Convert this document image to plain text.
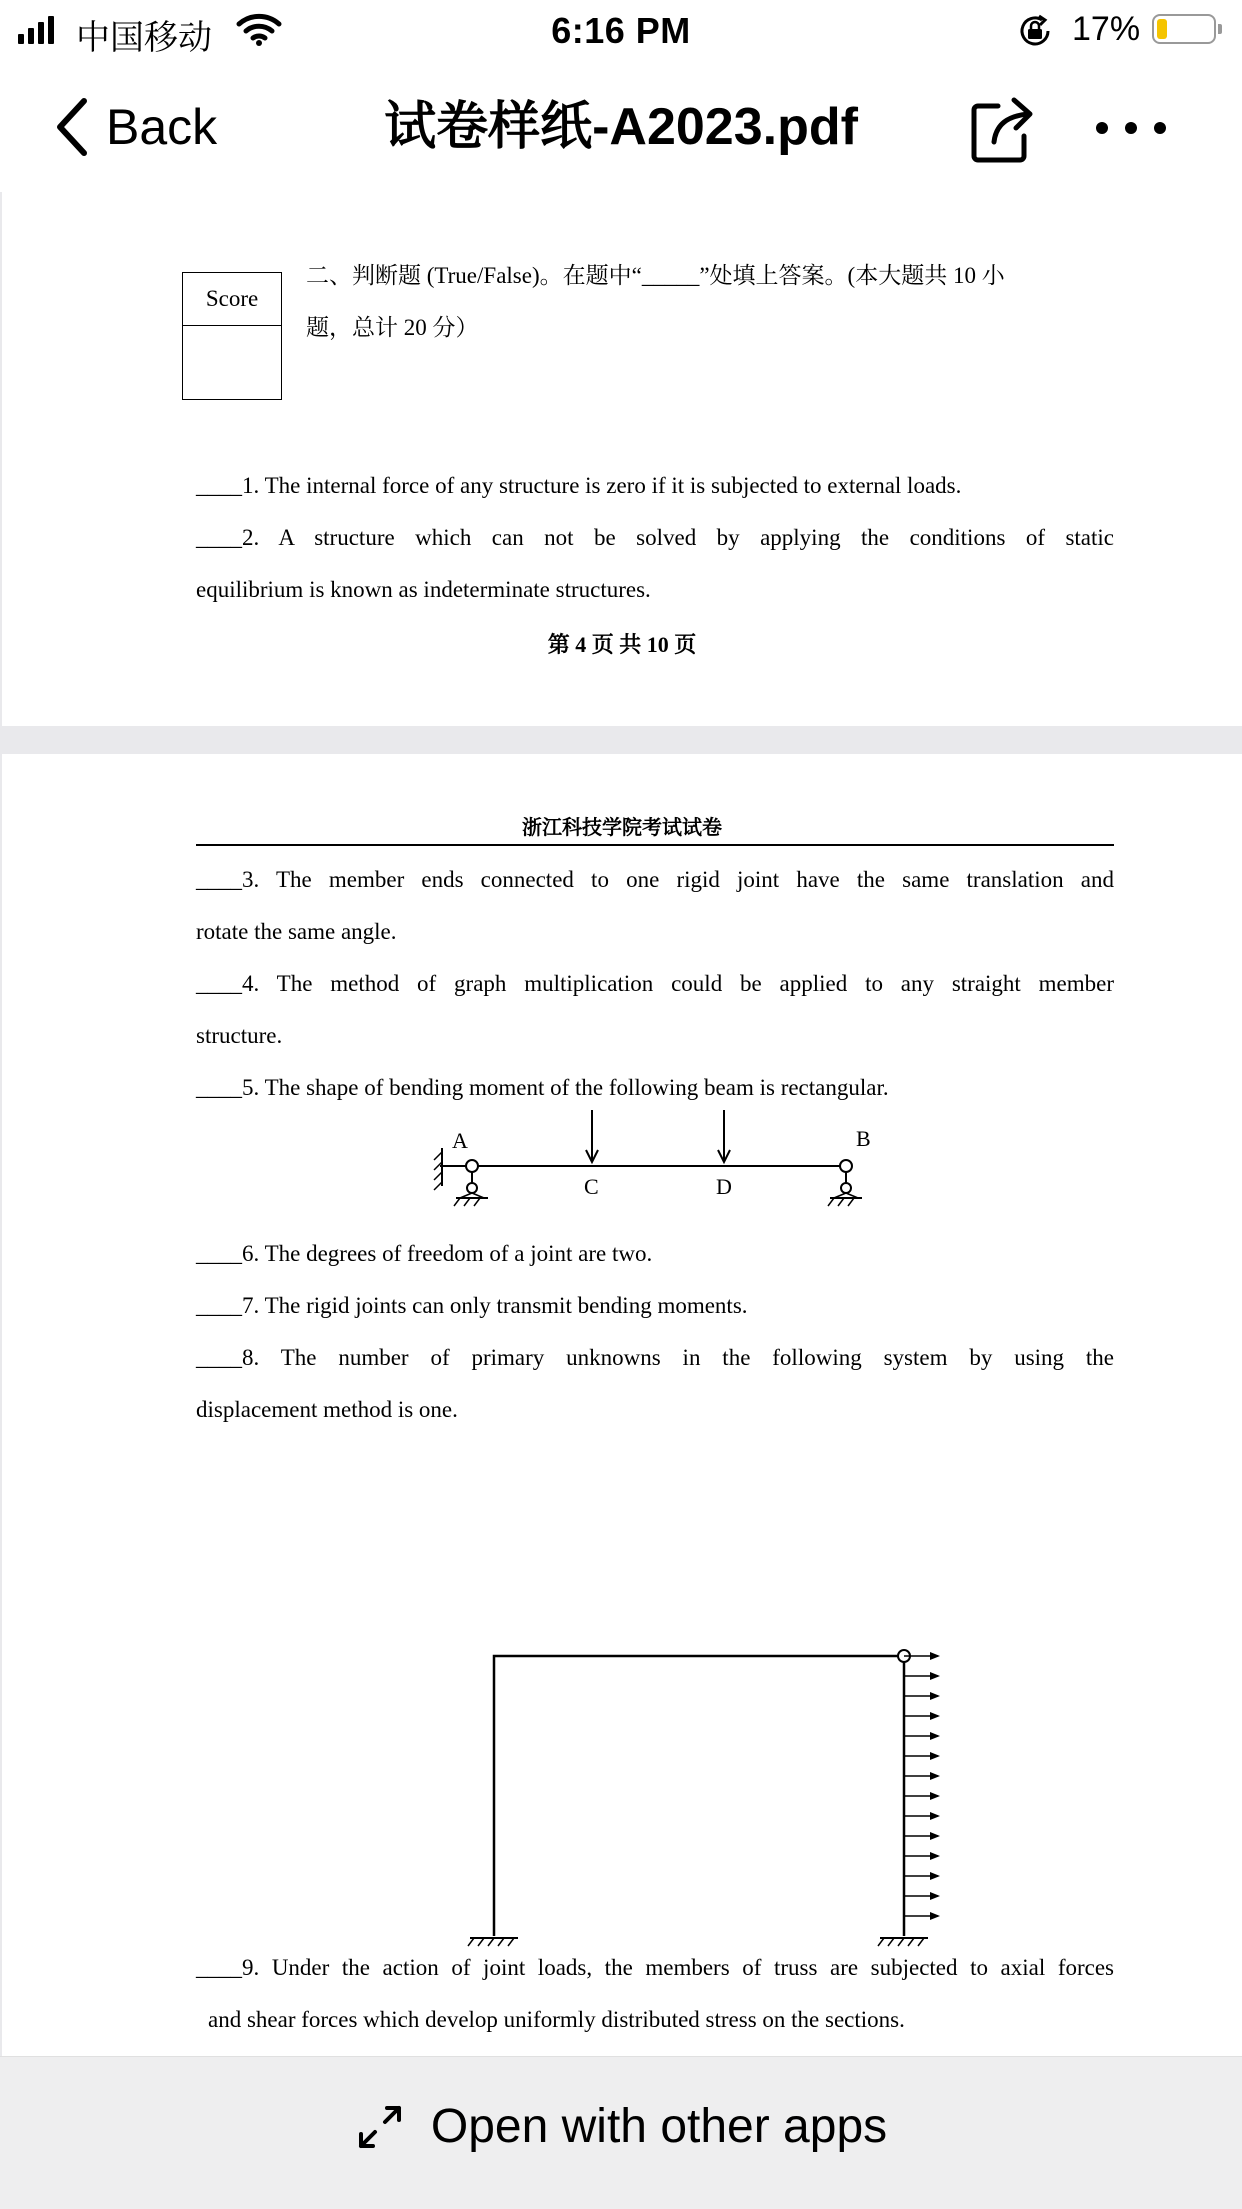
中国移动	6:16 PM	17%
Back	试卷样纸-A2023.pdf
Score
二、判断题 (True/False)。在题中“_____”处填上答案。(本大题共 10 小
题，总计 20 分）
____1. The internal force of any structure is zero if it is subjected to external loads.
____2. A structure which can not be solved by applying the conditions of static
equilibrium is known as indeterminate structures.
第 4 页 共 10 页
浙江科技学院考试试卷
____3. The member ends connected to one rigid joint have the same translation and
rotate the same angle.
____4. The method of graph multiplication could be applied to any straight member
structure.
____5. The shape of bending moment of the following beam is rectangular.
A
C	D
B
____6. The degrees of freedom of a joint are two.
____7. The rigid joints can only transmit bending moments.
____8. The number of primary unknowns in the following system by using the
displacement method is one.
____9. Under the action of joint loads, the members of truss are subjected to axial forces
and shear forces which develop uniformly distributed stress on the sections.
Open with other apps
